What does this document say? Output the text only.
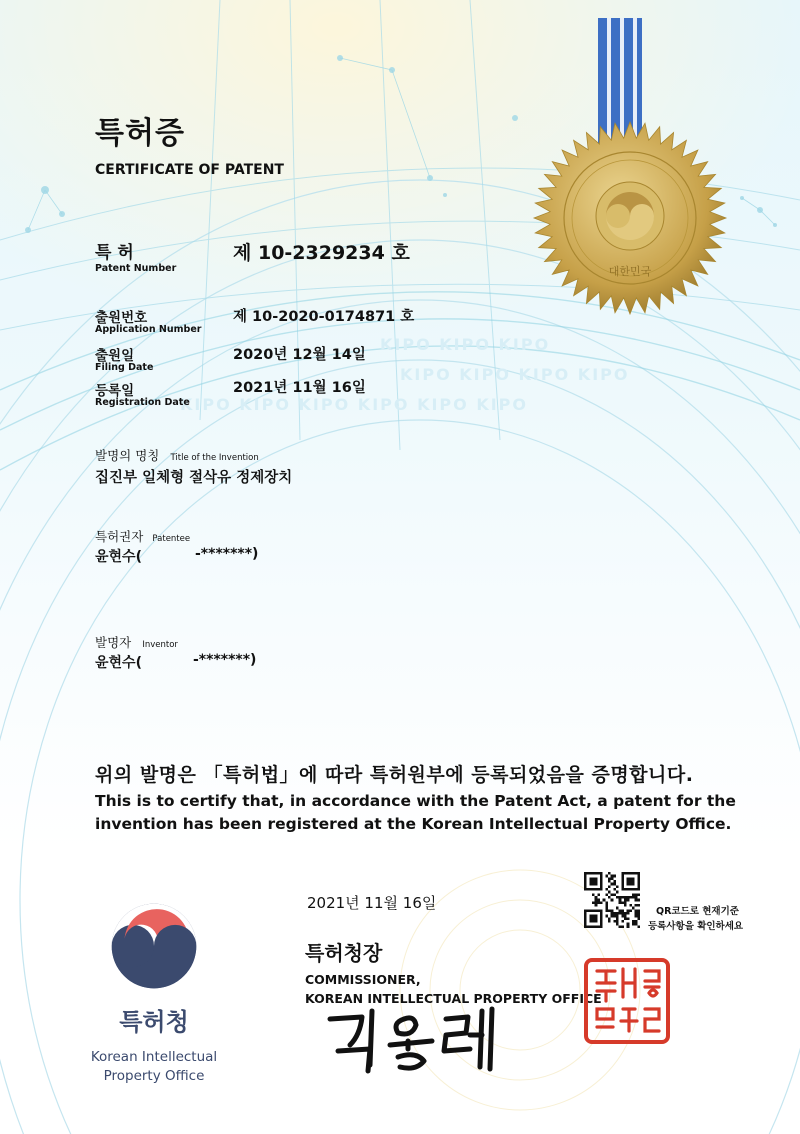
KIPO KIPO KIPO
KIPO KIPO KIPO KIPO
KIPO KIPO KIPO KIPO KIPO KIPO
대한민국
특허증
CERTIFICATE OF PATENT
특 허
Patent Number
제 10-2329234 호
출원번호
Application Number
제 10-2020-0174871 호
출원일
Filing Date
2020년 12월 14일
등록일
Registration Date
2021년 11월 16일
발명의 명칭 Title of the Invention
집진부 일체형 절삭유 정제장치
특허권자 Patentee
윤현수(	-*******)
발명자 Inventor
윤현수(	-*******)
위의 발명은 「특허법」에 따라 특허원부에 등록되었음을 증명합니다.
This is to certify that, in accordance with the Patent Act, a patent for the
invention has been registered at the Korean Intellectual Property Office.
2021년 11월 16일	QR코드로 현재기준
등록사항을 확인하세요
특허청장
COMMISSIONER,
KOREAN INTELLECTUAL PROPERTY OFFICE
특허청
Korean Intellectual
Property Office
